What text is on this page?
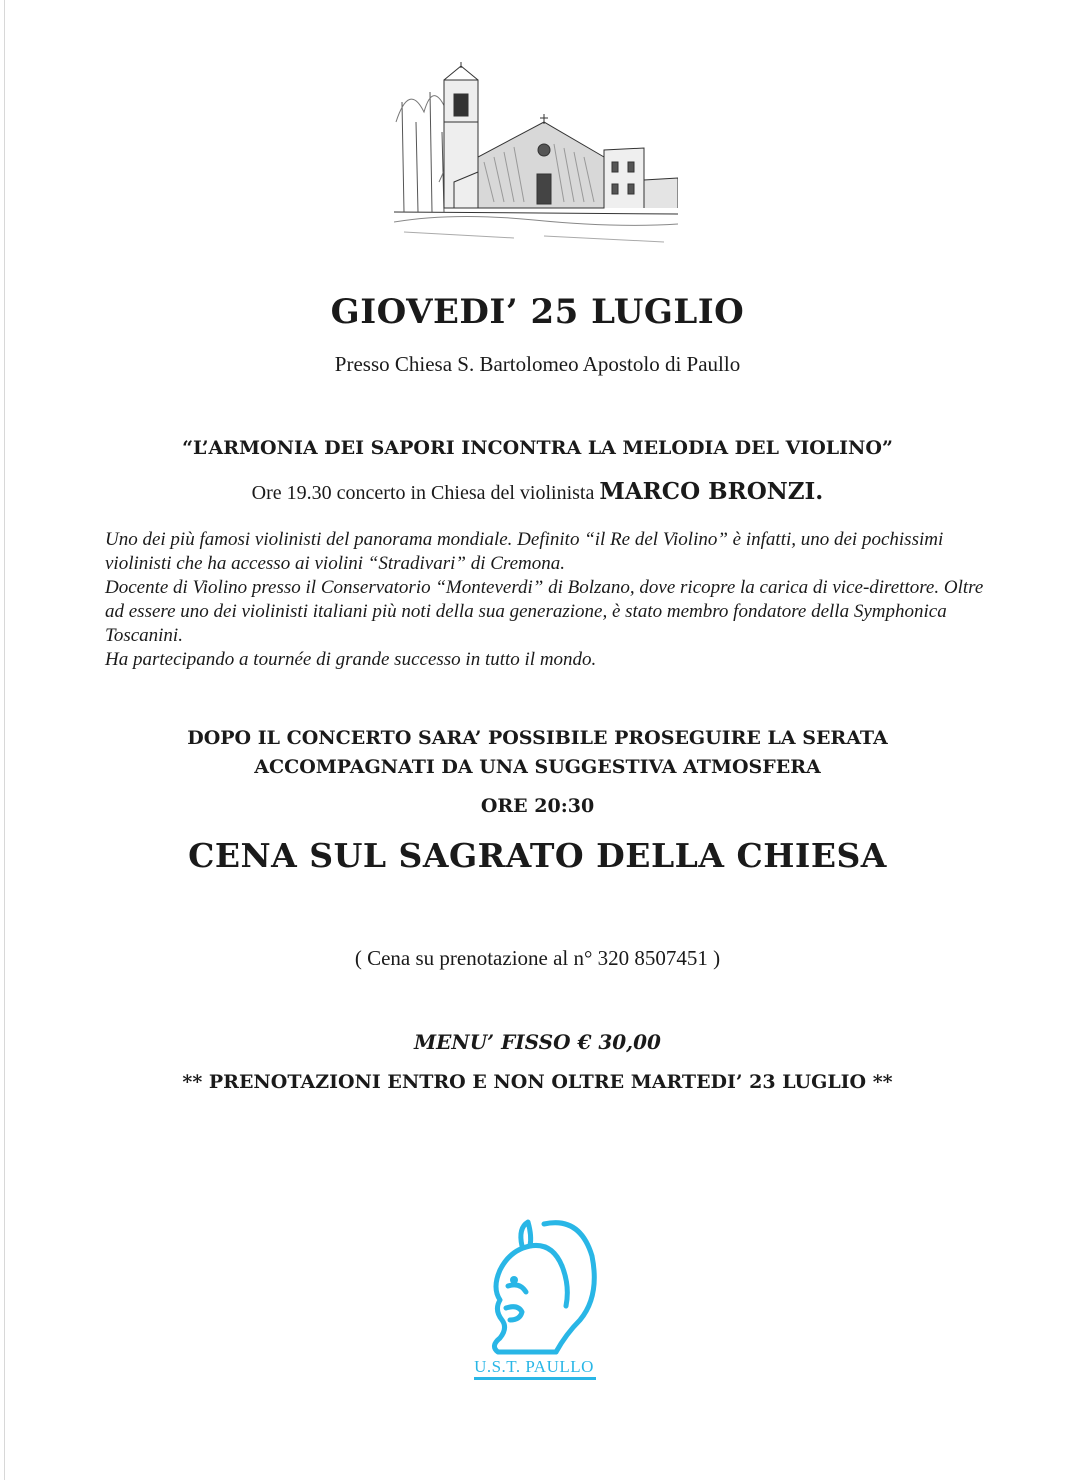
GIOVEDI’ 25 LUGLIO
Presso Chiesa S. Bartolomeo Apostolo di Paullo
“L’ARMONIA DEI SAPORI INCONTRA LA MELODIA DEL VIOLINO”
Ore 19.30 concerto in Chiesa del violinista MARCO BRONZI.

Uno dei più famosi violinisti del panorama mondiale. Definito “il Re del Violino” è infatti, uno dei pochissimi violinisti che ha accesso ai violini “Stradivari” di Cremona.

Docente di Violino presso il Conservatorio “Monteverdi” di Bolzano, dove ricopre la carica di vice-direttore. Oltre ad essere uno dei violinisti italiani più noti della sua generazione, è stato membro fondatore della Symphonica Toscanini.

Ha partecipando a tournée di grande successo in tutto il mondo.

DOPO IL CONCERTO SARA’ POSSIBILE PROSEGUIRE LA SERATA
ACCOMPAGNATI DA UNA SUGGESTIVA ATMOSFERA
ORE 20:30
CENA SUL SAGRATO DELLA CHIESA
( Cena su prenotazione al n° 320 8507451 )
MENU’ FISSO € 30,00
** PRENOTAZIONI ENTRO E NON OLTRE MARTEDI’ 23 LUGLIO **
U.S.T. PAULLO
